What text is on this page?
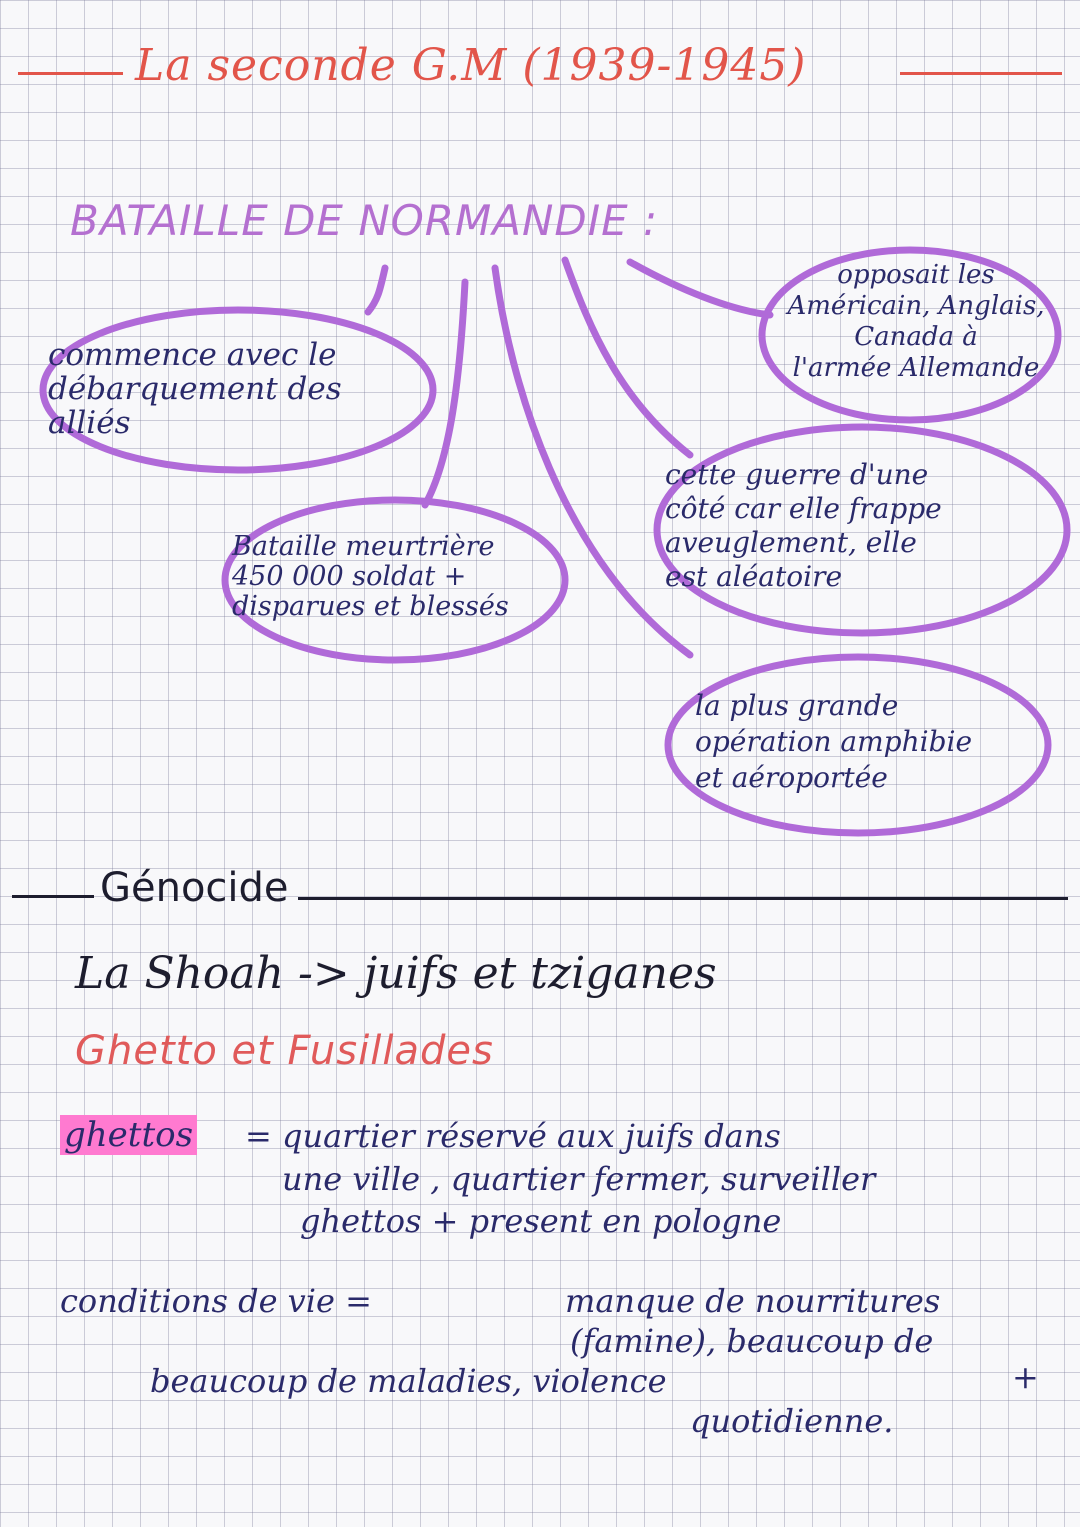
La seconde G.M (1939-1945)
BATAILLE DE NORMANDIE :
commence avec le
débarquement des
alliés
Bataille meurtrière
450 000 soldat +
disparues et blessés
opposait les
Américain, Anglais,
Canada à
l'armée Allemande
cette guerre d'une
côté car elle frappe
aveuglement, elle
est aléatoire
la plus grande
opération amphibie
et aéroportée
Génocide
La Shoah -> juifs et tziganes
Ghetto et Fusillades
ghettos = quartier réservé aux juifs dans
une ville , quartier fermer, surveiller
ghettos + present en pologne
conditions de vie =	manque de nourritures
(famine), beaucoup de
beaucoup de maladies, violence	+
quotidienne.
